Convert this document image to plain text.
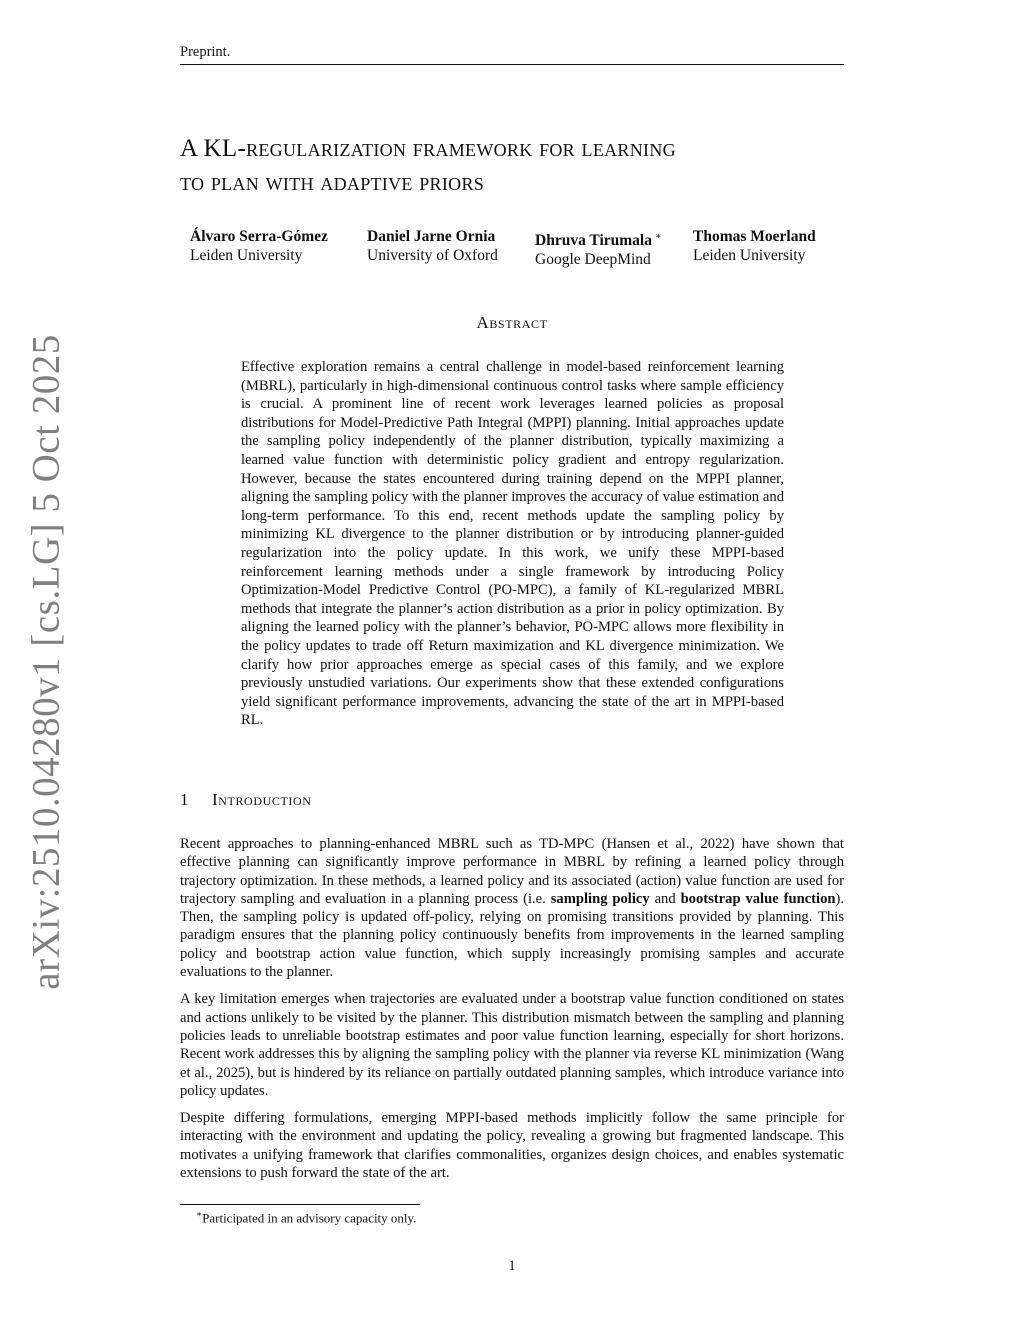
Preprint.
A KL-regularization framework for learning
to plan with adaptive priors
Álvaro Serra-Gómez
Leiden University
Daniel Jarne Ornia
University of Oxford
Dhruva Tirumala ∗
Google DeepMind
Thomas Moerland
Leiden University
Abstract

Effective exploration remains a central challenge in model-based reinforcement learning (MBRL), particularly in high-dimensional continuous control tasks where sample efficiency is crucial. A prominent line of recent work leverages learned policies as proposal distributions for Model-Predictive Path Integral (MPPI) planning. Initial approaches update the sampling policy independently of the planner distribution, typically maximizing a learned value function with deterministic policy gradient and entropy regularization. However, because the states encountered during training depend on the MPPI planner, aligning the sampling policy with the planner improves the accuracy of value estimation and long-term performance. To this end, recent methods update the sampling policy by minimizing KL divergence to the planner distribution or by introducing planner-guided regularization into the policy update. In this work, we unify these MPPI-based reinforcement learning methods under a single framework by introducing Policy Optimization-Model Predictive Control (PO-MPC), a family of KL-regularized MBRL methods that integrate the planner’s action distribution as a prior in policy optimization. By aligning the learned policy with the planner’s behavior, PO-MPC allows more flexibility in the policy updates to trade off Return maximization and KL divergence minimization. We clarify how prior approaches emerge as special cases of this family, and we explore previously unstudied variations. Our experiments show that these extended configurations yield significant performance improvements, advancing the state of the art in MPPI-based RL.

1 Introduction

Recent approaches to planning-enhanced MBRL such as TD-MPC (Hansen et al., 2022) have shown that effective planning can significantly improve performance in MBRL by refining a learned policy through trajectory optimization. In these methods, a learned policy and its associated (action) value function are used for trajectory sampling and evaluation in a planning process (i.e. sampling policy and bootstrap value function). Then, the sampling policy is updated off-policy, relying on promising transitions provided by planning. This paradigm ensures that the planning policy continuously benefits from improvements in the learned sampling policy and bootstrap action value function, which supply increasingly promising samples and accurate evaluations to the planner.

A key limitation emerges when trajectories are evaluated under a bootstrap value function conditioned on states and actions unlikely to be visited by the planner. This distribution mismatch between the sampling and planning policies leads to unreliable bootstrap estimates and poor value function learning, especially for short horizons. Recent work addresses this by aligning the sampling policy with the planner via reverse KL minimization (Wang et al., 2025), but is hindered by its reliance on partially outdated planning samples, which introduce variance into policy updates.

Despite differing formulations, emerging MPPI-based methods implicitly follow the same principle for interacting with the environment and updating the policy, revealing a growing but fragmented landscape. This motivates a unifying framework that clarifies commonalities, organizes design choices, and enables systematic extensions to push forward the state of the art.

∗Participated in an advisory capacity only.
1
arXiv:2510.04280v1 [cs.LG] 5 Oct 2025
